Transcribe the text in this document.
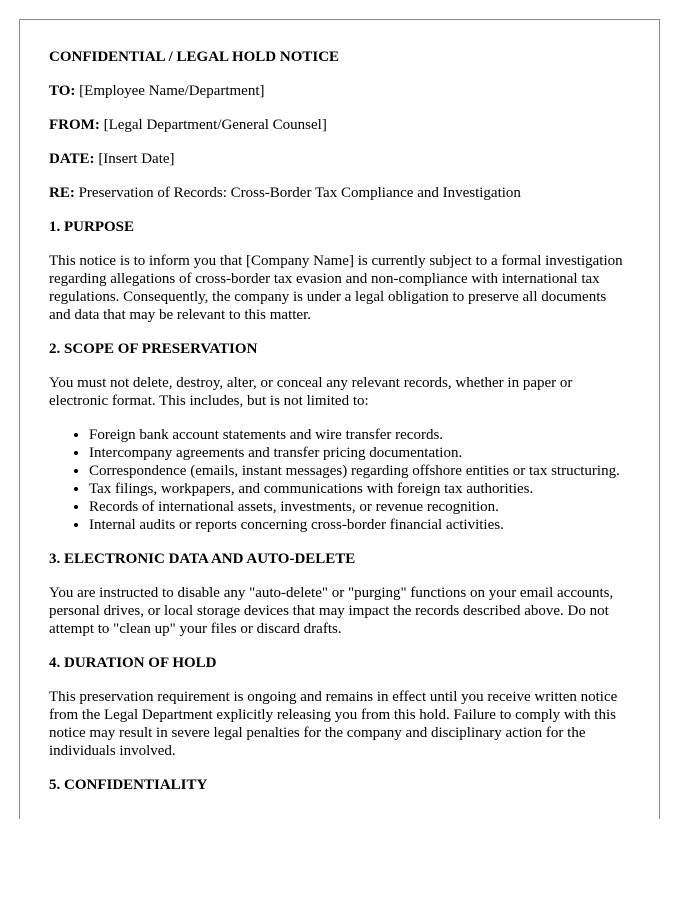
CONFIDENTIAL / LEGAL HOLD NOTICE
TO: [Employee Name/Department]
FROM: [Legal Department/General Counsel]
DATE: [Insert Date]
RE: Preservation of Records: Cross-Border Tax Compliance and Investigation
1. PURPOSE
This notice is to inform you that [Company Name] is currently subject to a formal investigation regarding allegations of cross-border tax evasion and non-compliance with international tax regulations. Consequently, the company is under a legal obligation to preserve all documents and data that may be relevant to this matter.
2. SCOPE OF PRESERVATION
You must not delete, destroy, alter, or conceal any relevant records, whether in paper or electronic format. This includes, but is not limited to:
• Foreign bank account statements and wire transfer records.
• Intercompany agreements and transfer pricing documentation.
• Correspondence (emails, instant messages) regarding offshore entities or tax structuring.
• Tax filings, workpapers, and communications with foreign tax authorities.
• Records of international assets, investments, or revenue recognition.
• Internal audits or reports concerning cross-border financial activities.
3. ELECTRONIC DATA AND AUTO-DELETE
You are instructed to disable any "auto-delete" or "purging" functions on your email accounts, personal drives, or local storage devices that may impact the records described above. Do not attempt to "clean up" your files or discard drafts.
4. DURATION OF HOLD
This preservation requirement is ongoing and remains in effect until you receive written notice from the Legal Department explicitly releasing you from this hold. Failure to comply with this notice may result in severe legal penalties for the company and disciplinary action for the individuals involved.
5. CONFIDENTIALITY
